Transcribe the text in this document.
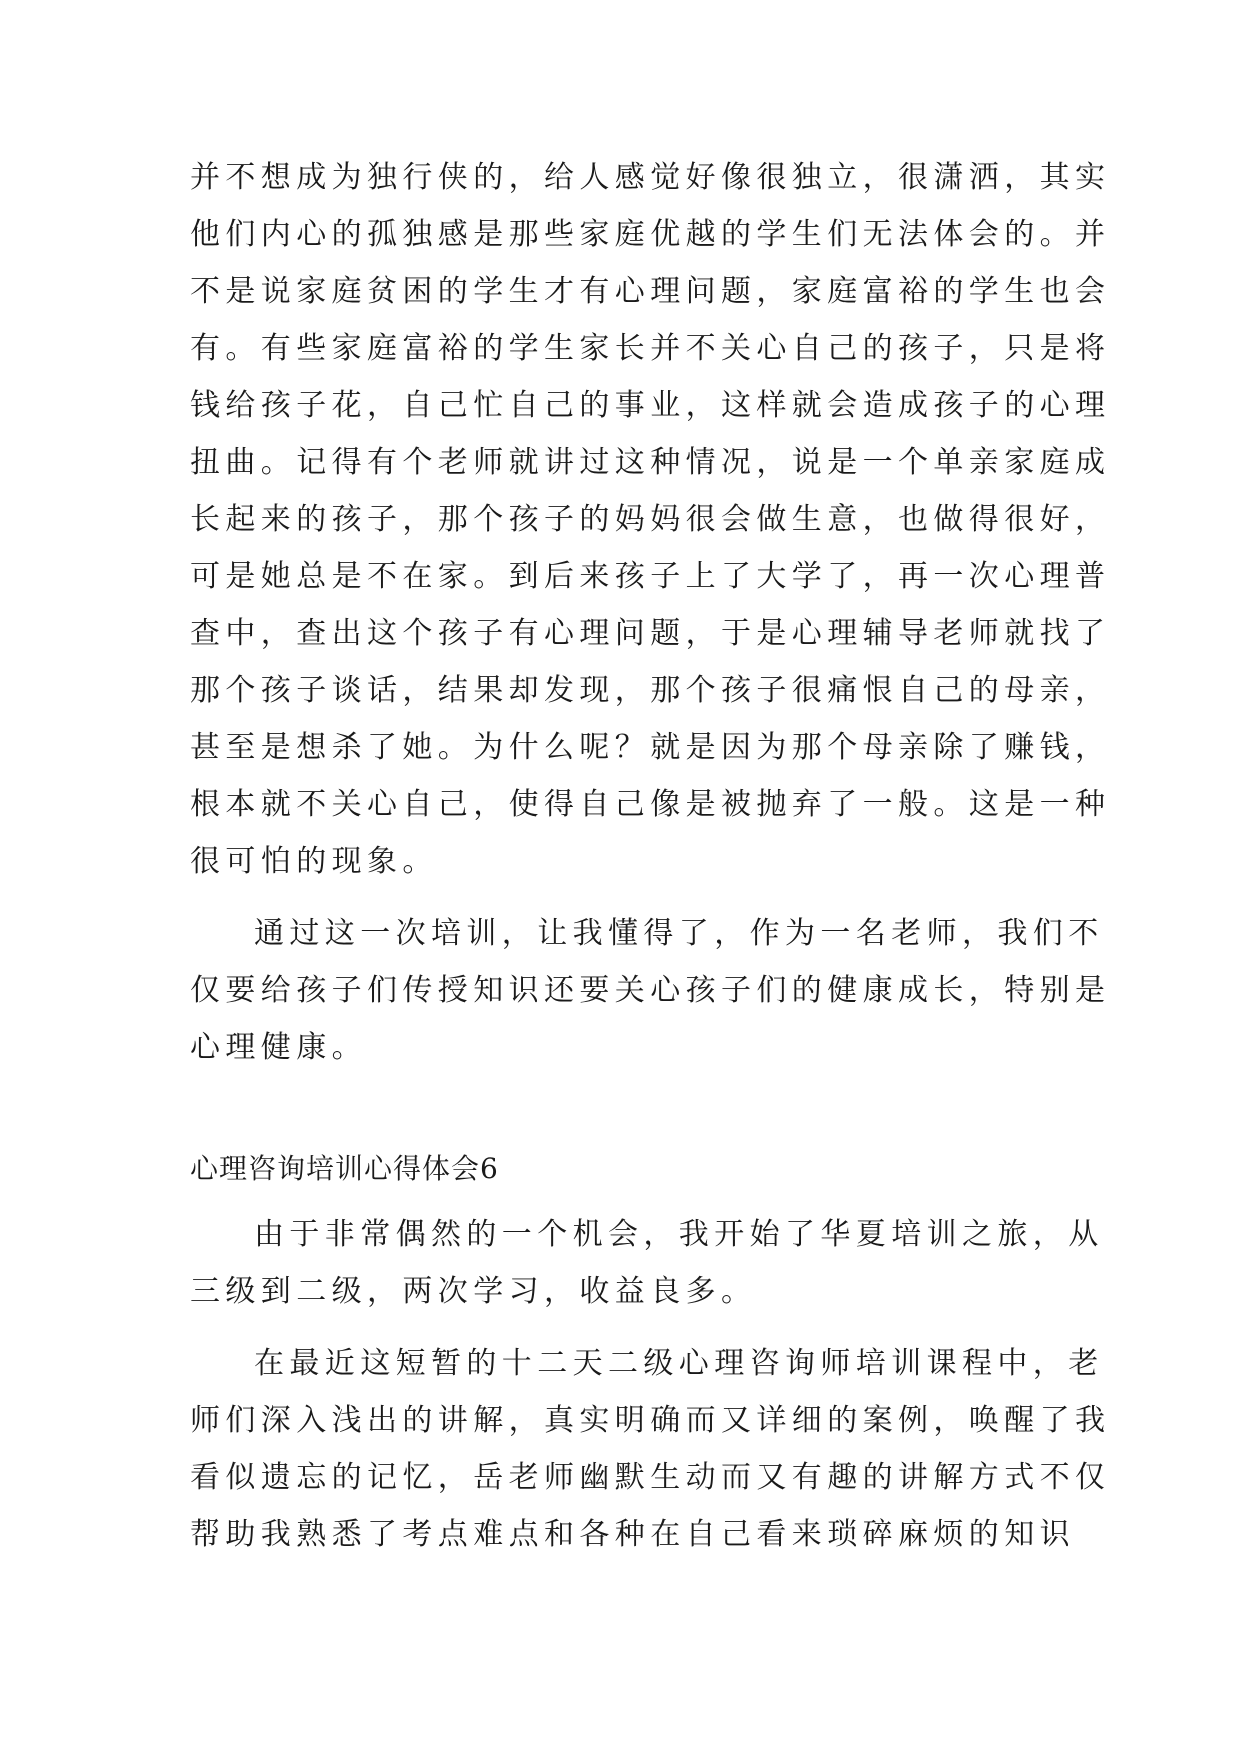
并不想成为独行侠的，给人感觉好像很独立，很潇洒，其实
他们内心的孤独感是那些家庭优越的学生们无法体会的。并
不是说家庭贫困的学生才有心理问题，家庭富裕的学生也会
有。有些家庭富裕的学生家长并不关心自己的孩子，只是将
钱给孩子花，自己忙自己的事业，这样就会造成孩子的心理
扭曲。记得有个老师就讲过这种情况，说是一个单亲家庭成
长起来的孩子，那个孩子的妈妈很会做生意，也做得很好，
可是她总是不在家。到后来孩子上了大学了，再一次心理普
查中，查出这个孩子有心理问题，于是心理辅导老师就找了
那个孩子谈话，结果却发现，那个孩子很痛恨自己的母亲，
甚至是想杀了她。为什么呢？就是因为那个母亲除了赚钱，
根本就不关心自己，使得自己像是被抛弃了一般。这是一种
很可怕的现象。
通过这一次培训，让我懂得了，作为一名老师，我们不
仅要给孩子们传授知识还要关心孩子们的健康成长，特别是
心理健康。
心理咨询培训心得体会6
由于非常偶然的一个机会，我开始了华夏培训之旅，从
三级到二级，两次学习，收益良多。
在最近这短暂的十二天二级心理咨询师培训课程中，老
师们深入浅出的讲解，真实明确而又详细的案例，唤醒了我
看似遗忘的记忆，岳老师幽默生动而又有趣的讲解方式不仅
帮助我熟悉了考点难点和各种在自己看来琐碎麻烦的知识
